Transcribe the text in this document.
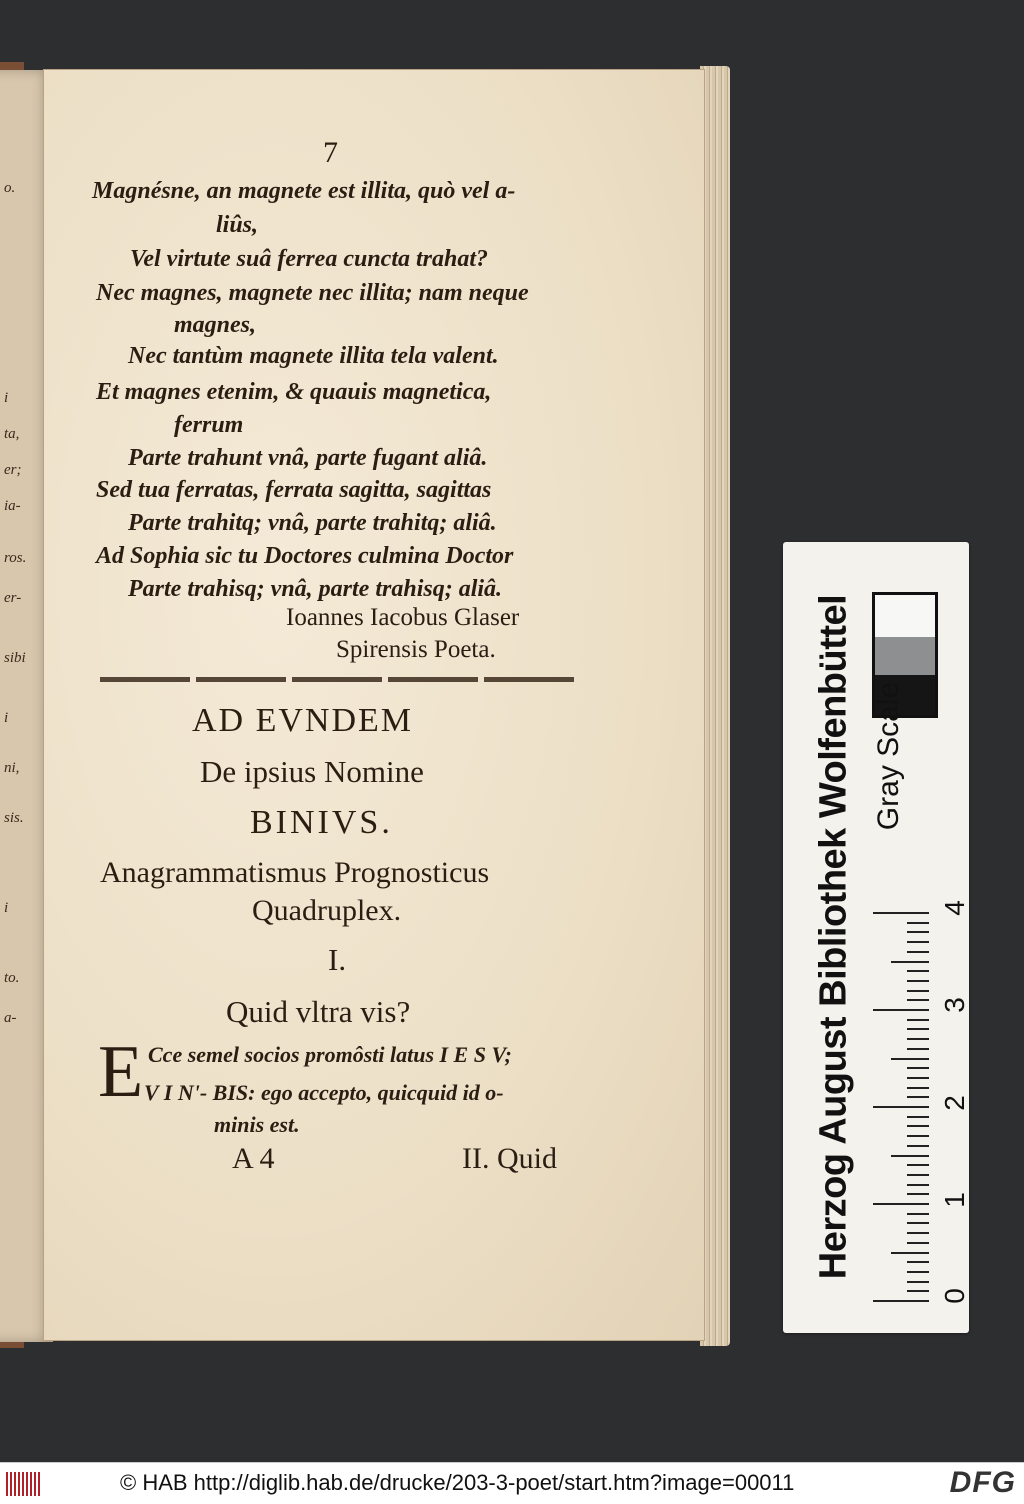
o.
i
ta,
er;
ia-
ros.
er-
sibi
i
ni,
sis.
i
to.
a-
7
Magnésne, an magnete est illita, quò vel a-
liûs,
Vel virtute suâ ferrea cuncta trahat?
Nec magnes, magnete nec illita; nam neque
magnes,
Nec tantùm magnete illita tela valent.
Et magnes etenim, & quauis magnetica,
ferrum
Parte trahunt vnâ, parte fugant aliâ.
Sed tua ferratas, ferrata sagitta, sagittas
Parte trahitq; vnâ, parte trahitq; aliâ.
Ad Sophia sic tu Doctores culmina Doctor
Parte trahisq; vnâ, parte trahisq; aliâ.
Ioannes Iacobus Glaser
Spirensis Poeta.
AD EVNDEM
De ipsius Nomine
BINIVS.
Anagrammatismus Prognosticus
Quadruplex.
I.
Quid vltra vis?
E Cce semel socios promôsti latus I E S V;
V I N'- BIS: ego accepto, quicquid id o-
minis est.
A 4	II. Quid	Herzog August Bibliothek Wolfenbüttel Gray Scale
0
1
2
3
4
© HAB http://diglib.hab.de/drucke/203-3-poet/start.htm?image=00011	DFG
